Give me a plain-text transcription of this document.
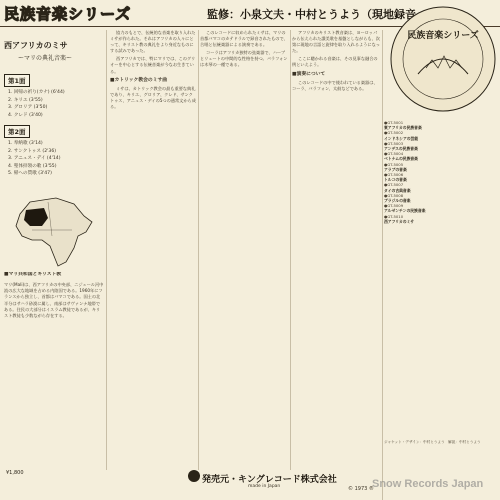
民族音楽シリーズ	監修：小泉文夫・中村とうよう（現地録音
西アフリカのミサ
ーマリの典礼音楽ー
第1面
1. 回帰の祈り(カナ) (6'44)
2. キリエ (3'55)
3. グロリア (3'50)
4. クレド (3'40)
第2面
1. 奉納歌 (3'14)
2. サンクトゥス (2'36)
3. アニュス・デイ (4'14)
4. 聖体拝領の歌 (3'55)
5. 帰への賛歌 (3'47)
■マリ共和国とキリスト教

マリ(Mali)は、西アフリカの中央部、ニジェール河中流の広大な地域を占める内陸国である。1960年にフランスから独立し、首都はバマコである。国土の北半分はサハラ砂漠に属し、南部はサヴァンナ地帯である。住民の大部分はイスラム教徒であるが、キリスト教徒も少数ながら存在する。

協力のもとで、伝統的な音楽を取り入れたミサが作られた。それはアフリカの人々にとって、キリスト教の典礼をより身近なものにする試みであった。

西アフリカでは、特にマリでは、このグリオーを中心とする伝統音楽が今なお生きている。

■カトリック教会のミサ曲

ミサは、カトリック教会の最も重要な典礼であり、キリエ、グロリア、クレド、サンクトゥス、アニュス・デイの5つの通常文から成る。

このレコードに収められたミサは、マリの首都バマコのカテドラルで録音されたもので、合唱と伝統楽器による演奏である。

コーラはアフリカ独特の弦楽器で、ハープとリュートの中間的な性格を持つ。バラフォンは木琴の一種である。

アフリカのキリスト教音楽は、ヨーロッパから伝えられた讃美歌を基盤としながらも、次第に現地の言語と旋律を取り入れるようになった。

ここに聴かれる音楽は、その見事な融合の例といえよう。

■演奏について

このレコードの中で使われている楽器は、コーラ、バラフォン、太鼓などである。

¥1,800
発売元・キングレコード株式会社
made in Japan	© 1973 ®
民族音楽シリーズ
●GT-5001
東アフリカの民族音楽
●GT-5002
インドネシアの芸能
●GT-5003
アンデスの民族音楽
●GT-5004
ベトナムの民族音楽
●GT-5005
アラブの音楽
●GT-5006
トルコの音楽
●GT-5007
タイの古典音楽
●GT-5008
ブラジルの音楽
●GT-5009
アルゼンチンの民族音楽
●GT-5010
西アフリカのミサ
ジャケット・デザイン：中村とうよう　解説：中村とうよう
Snow Records Japan
